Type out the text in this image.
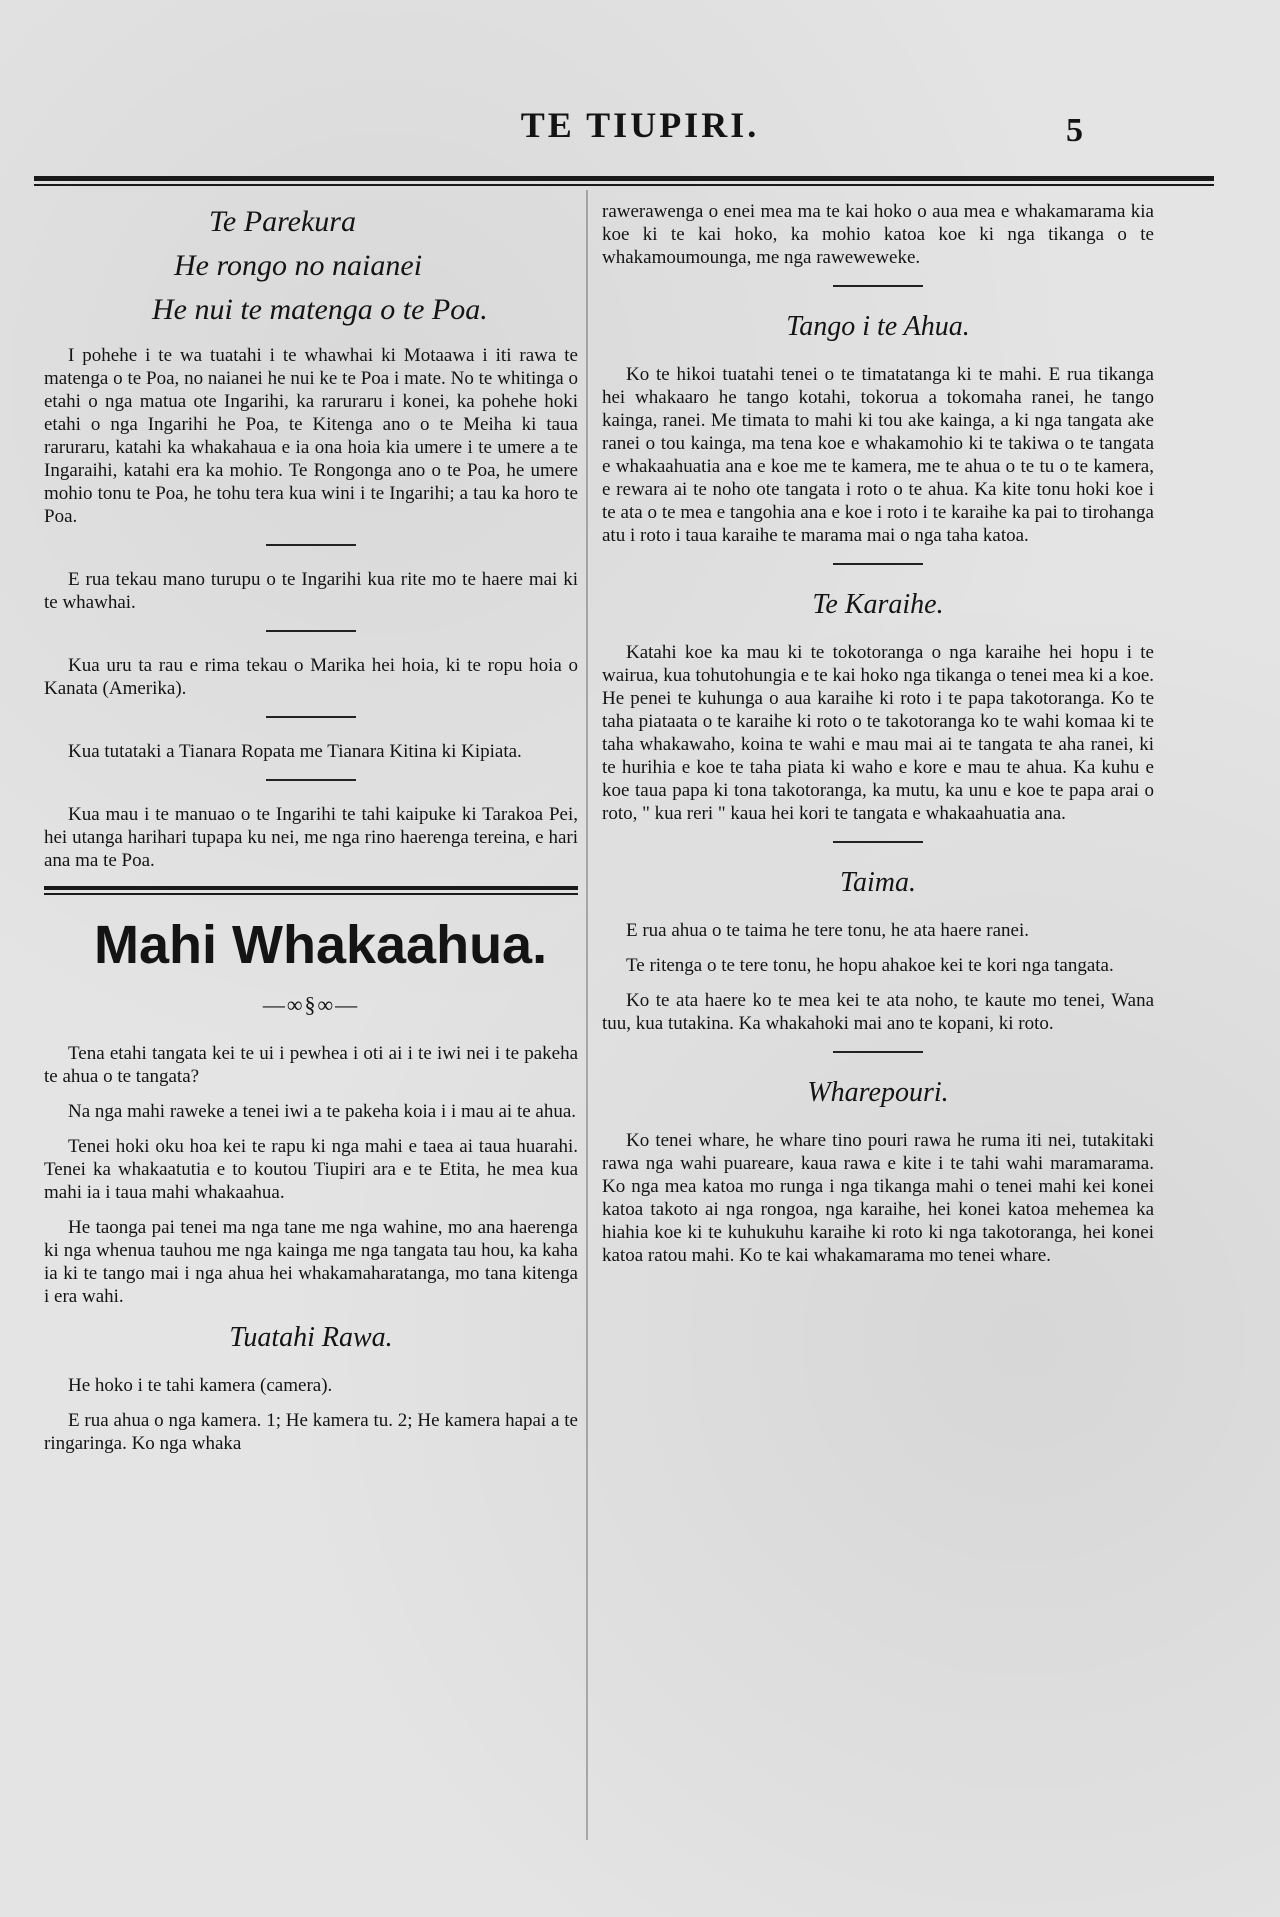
TE TIUPIRI.	5
Te Parekura
He rongo no naianei
He nui te matenga o te Poa.

I pohehe i te wa tuatahi i te whawhai ki Motaawa i iti rawa te matenga o te Poa, no naianei he nui ke te Poa i mate. No te whitinga o etahi o nga matua ote Ingarihi, ka raruraru i konei, ka pohehe hoki etahi o nga Ingarihi he Poa, te Kitenga ano o te Meiha ki taua raruraru, katahi ka whakahaua e ia ona hoia kia umere i te umere a te Ingaraihi, katahi era ka mohio. Te Rongonga ano o te Poa, he umere mohio tonu te Poa, he tohu tera kua wini i te Ingarihi; a tau ka horo te Poa.

E rua tekau mano turupu o te Ingarihi kua rite mo te haere mai ki te whawhai.

Kua uru ta rau e rima tekau o Marika hei hoia, ki te ropu hoia o Kanata (Amerika).

Kua tutataki a Tianara Ropata me Tianara Kitina ki Kipiata.

Kua mau i te manuao o te Ingarihi te tahi kaipuke ki Tarakoa Pei, hei utanga harihari tupapa ku nei, me nga rino haerenga tereina, e hari ana ma te Poa.

Mahi Whakaahua.
—∞§∞—

Tena etahi tangata kei te ui i pewhea i oti ai i te iwi nei i te pakeha te ahua o te tangata?

Na nga mahi raweke a tenei iwi a te pakeha koia i i mau ai te ahua.

Tenei hoki oku hoa kei te rapu ki nga mahi e taea ai taua huarahi. Tenei ka whakaatutia e to koutou Tiupiri ara e te Etita, he mea kua mahi ia i taua mahi whakaahua.

He taonga pai tenei ma nga tane me nga wahine, mo ana haerenga ki nga whenua tauhou me nga kainga me nga tangata tau hou, ka kaha ia ki te tango mai i nga ahua hei whakamaharatanga, mo tana kitenga i era wahi.

Tuatahi Rawa.

He hoko i te tahi kamera (camera).

E rua ahua o nga kamera. 1; He kamera tu. 2; He kamera hapai a te ringaringa. Ko nga whaka

rawerawenga o enei mea ma te kai hoko o aua mea e whakamarama kia koe ki te kai hoko, ka mohio katoa koe ki nga tikanga o te whakamoumounga, me nga raweweweke.

Tango i te Ahua.

Ko te hikoi tuatahi tenei o te timatatanga ki te mahi. E rua tikanga hei whakaaro he tango kotahi, tokorua a tokomaha ranei, he tango kainga, ranei. Me timata to mahi ki tou ake kainga, a ki nga tangata ake ranei o tou kainga, ma tena koe e whakamohio ki te takiwa o te tangata e whakaahuatia ana e koe me te kamera, me te ahua o te tu o te kamera, e rewara ai te noho ote tangata i roto o te ahua. Ka kite tonu hoki koe i te ata o te mea e tangohia ana e koe i roto i te karaihe ka pai to tirohanga atu i roto i taua karaihe te marama mai o nga taha katoa.

Te Karaihe.

Katahi koe ka mau ki te tokotoranga o nga karaihe hei hopu i te wairua, kua tohutohungia e te kai hoko nga tikanga o tenei mea ki a koe. He penei te kuhunga o aua karaihe ki roto i te papa takotoranga. Ko te taha piataata o te karaihe ki roto o te takotoranga ko te wahi komaa ki te taha whakawaho, koina te wahi e mau mai ai te tangata te aha ranei, ki te hurihia e koe te taha piata ki waho e kore e mau te ahua. Ka kuhu e koe taua papa ki tona takotoranga, ka mutu, ka unu e koe te papa arai o roto, " kua reri " kaua hei kori te tangata e whakaahuatia ana.

Taima.

E rua ahua o te taima he tere tonu, he ata haere ranei.

Te ritenga o te tere tonu, he hopu ahakoe kei te kori nga tangata.

Ko te ata haere ko te mea kei te ata noho, te kaute mo tenei, Wana tuu, kua tutakina. Ka whakahoki mai ano te kopani, ki roto.

Wharepouri.

Ko tenei whare, he whare tino pouri rawa he ruma iti nei, tutakitaki rawa nga wahi puareare, kaua rawa e kite i te tahi wahi maramarama. Ko nga mea katoa mo runga i nga tikanga mahi o tenei mahi kei konei katoa takoto ai nga rongoa, nga karaihe, hei konei katoa mehemea ka hiahia koe ki te kuhukuhu karaihe ki roto ki nga takotoranga, hei konei katoa ratou mahi. Ko te kai whakamarama mo tenei whare.
